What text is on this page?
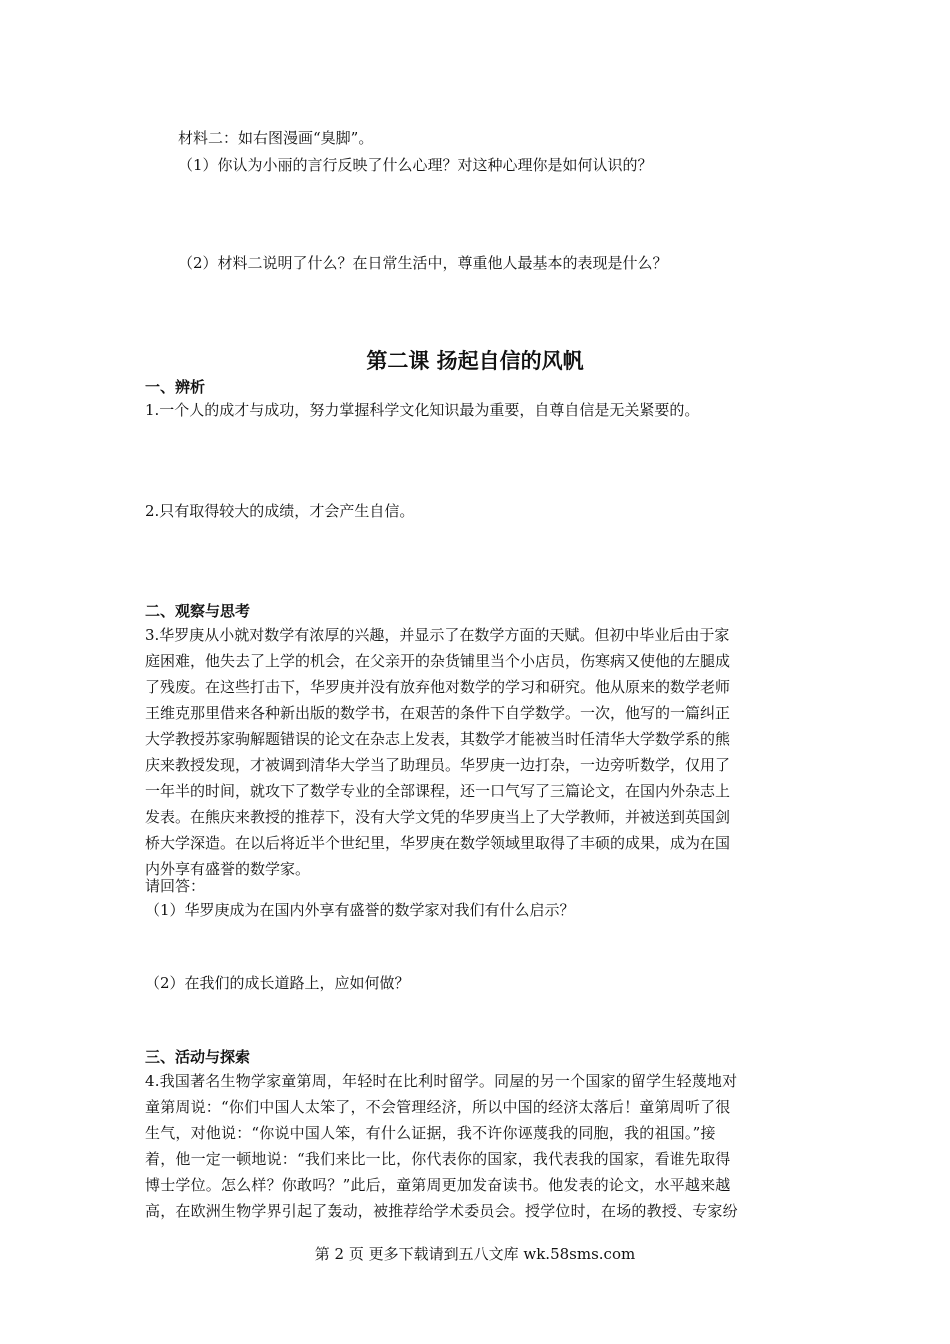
材料二：如右图漫画“臭脚”。
（1）你认为小丽的言行反映了什么心理？对这种心理你是如何认识的？
（2）材料二说明了什么？在日常生活中，尊重他人最基本的表现是什么？
第二课 扬起自信的风帆
一、辨析
1.一个人的成才与成功，努力掌握科学文化知识最为重要，自尊自信是无关紧要的。
2.只有取得较大的成绩，才会产生自信。
二、观察与思考
3.华罗庚从小就对数学有浓厚的兴趣，并显示了在数学方面的天赋。但初中毕业后由于家
庭困难，他失去了上学的机会，在父亲开的杂货铺里当个小店员，伤寒病又使他的左腿成
了残废。在这些打击下，华罗庚并没有放弃他对数学的学习和研究。他从原来的数学老师
王维克那里借来各种新出版的数学书，在艰苦的条件下自学数学。一次，他写的一篇纠正
大学教授苏家驹解题错误的论文在杂志上发表，其数学才能被当时任清华大学数学系的熊
庆来教授发现，才被调到清华大学当了助理员。华罗庚一边打杂，一边旁听数学，仅用了
一年半的时间，就攻下了数学专业的全部课程，还一口气写了三篇论文，在国内外杂志上
发表。在熊庆来教授的推荐下，没有大学文凭的华罗庚当上了大学教师，并被送到英国剑
桥大学深造。在以后将近半个世纪里，华罗庚在数学领域里取得了丰硕的成果，成为在国
内外享有盛誉的数学家。
请回答：
（1）华罗庚成为在国内外享有盛誉的数学家对我们有什么启示？
（2）在我们的成长道路上，应如何做？
三、活动与探索
4.我国著名生物学家童第周，年轻时在比利时留学。同屋的另一个国家的留学生轻蔑地对
童第周说：“你们中国人太笨了，不会管理经济，所以中国的经济太落后！童第周听了很
生气，对他说：“你说中国人笨，有什么证据，我不许你诬蔑我的同胞，我的祖国。”接
着，他一定一顿地说：“我们来比一比，你代表你的国家，我代表我的国家，看谁先取得
博士学位。怎么样？你敢吗？”此后，童第周更加发奋读书。他发表的论文，水平越来越
高，在欧洲生物学界引起了轰动，被推荐给学术委员会。授学位时，在场的教授、专家纷
第 2 页 更多下载请到五八文库 wk.58sms.com
